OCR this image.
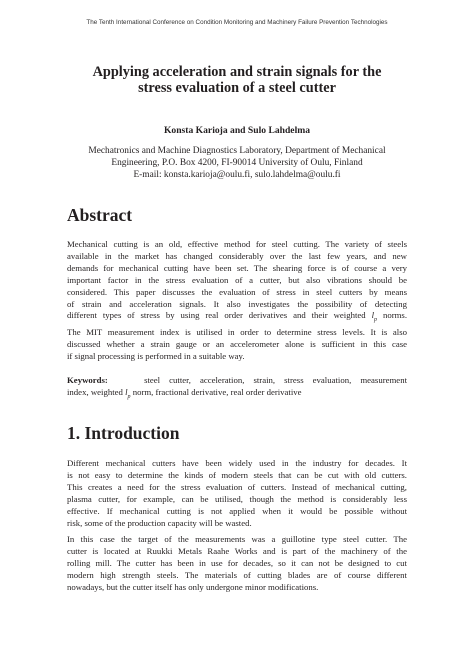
The Tenth International Conference on Condition Monitoring and Machinery Failure Prevention Technologies
Applying acceleration and strain signals for the
stress evaluation of a steel cutter
Konsta Karioja and Sulo Lahdelma
Mechatronics and Machine Diagnostics Laboratory, Department of Mechanical
Engineering, P.O. Box 4200, FI-90014 University of Oulu, Finland
E-mail: konsta.karioja@oulu.fi, sulo.lahdelma@oulu.fi
Abstract
Mechanical cutting is an old, effective method for steel cutting. The variety of steels
available in the market has changed considerably over the last few years, and new
demands for mechanical cutting have been set. The shearing force is of course a very
important factor in the stress evaluation of a cutter, but also vibrations should be
considered. This paper discusses the evaluation of stress in steel cutters by means
of strain and acceleration signals. It also investigates the possibility of detecting
different types of stress by using real order derivatives and their weighted $l_p$ norms.
The MIT measurement index is utilised in order to determine stress levels. It is also
discussed whether a strain gauge or an accelerometer alone is sufficient in this case
if signal processing is performed in a suitable way.
Keywords:	steel cutter, acceleration, strain, stress evaluation, measurement
index, weighted $l_p$ norm, fractional derivative, real order derivative
1. Introduction
Different mechanical cutters have been widely used in the industry for decades. It
is not easy to determine the kinds of modern steels that can be cut with old cutters.
This creates a need for the stress evaluation of cutters. Instead of mechanical cutting,
plasma cutter, for example, can be utilised, though the method is considerably less
effective. If mechanical cutting is not applied when it would be possible without
risk, some of the production capacity will be wasted.
In this case the target of the measurements was a guillotine type steel cutter. The
cutter is located at Ruukki Metals Raahe Works and is part of the machinery of the
rolling mill. The cutter has been in use for decades, so it can not be designed to cut
modern high strength steels. The materials of cutting blades are of course different
nowadays, but the cutter itself has only undergone minor modifications.
